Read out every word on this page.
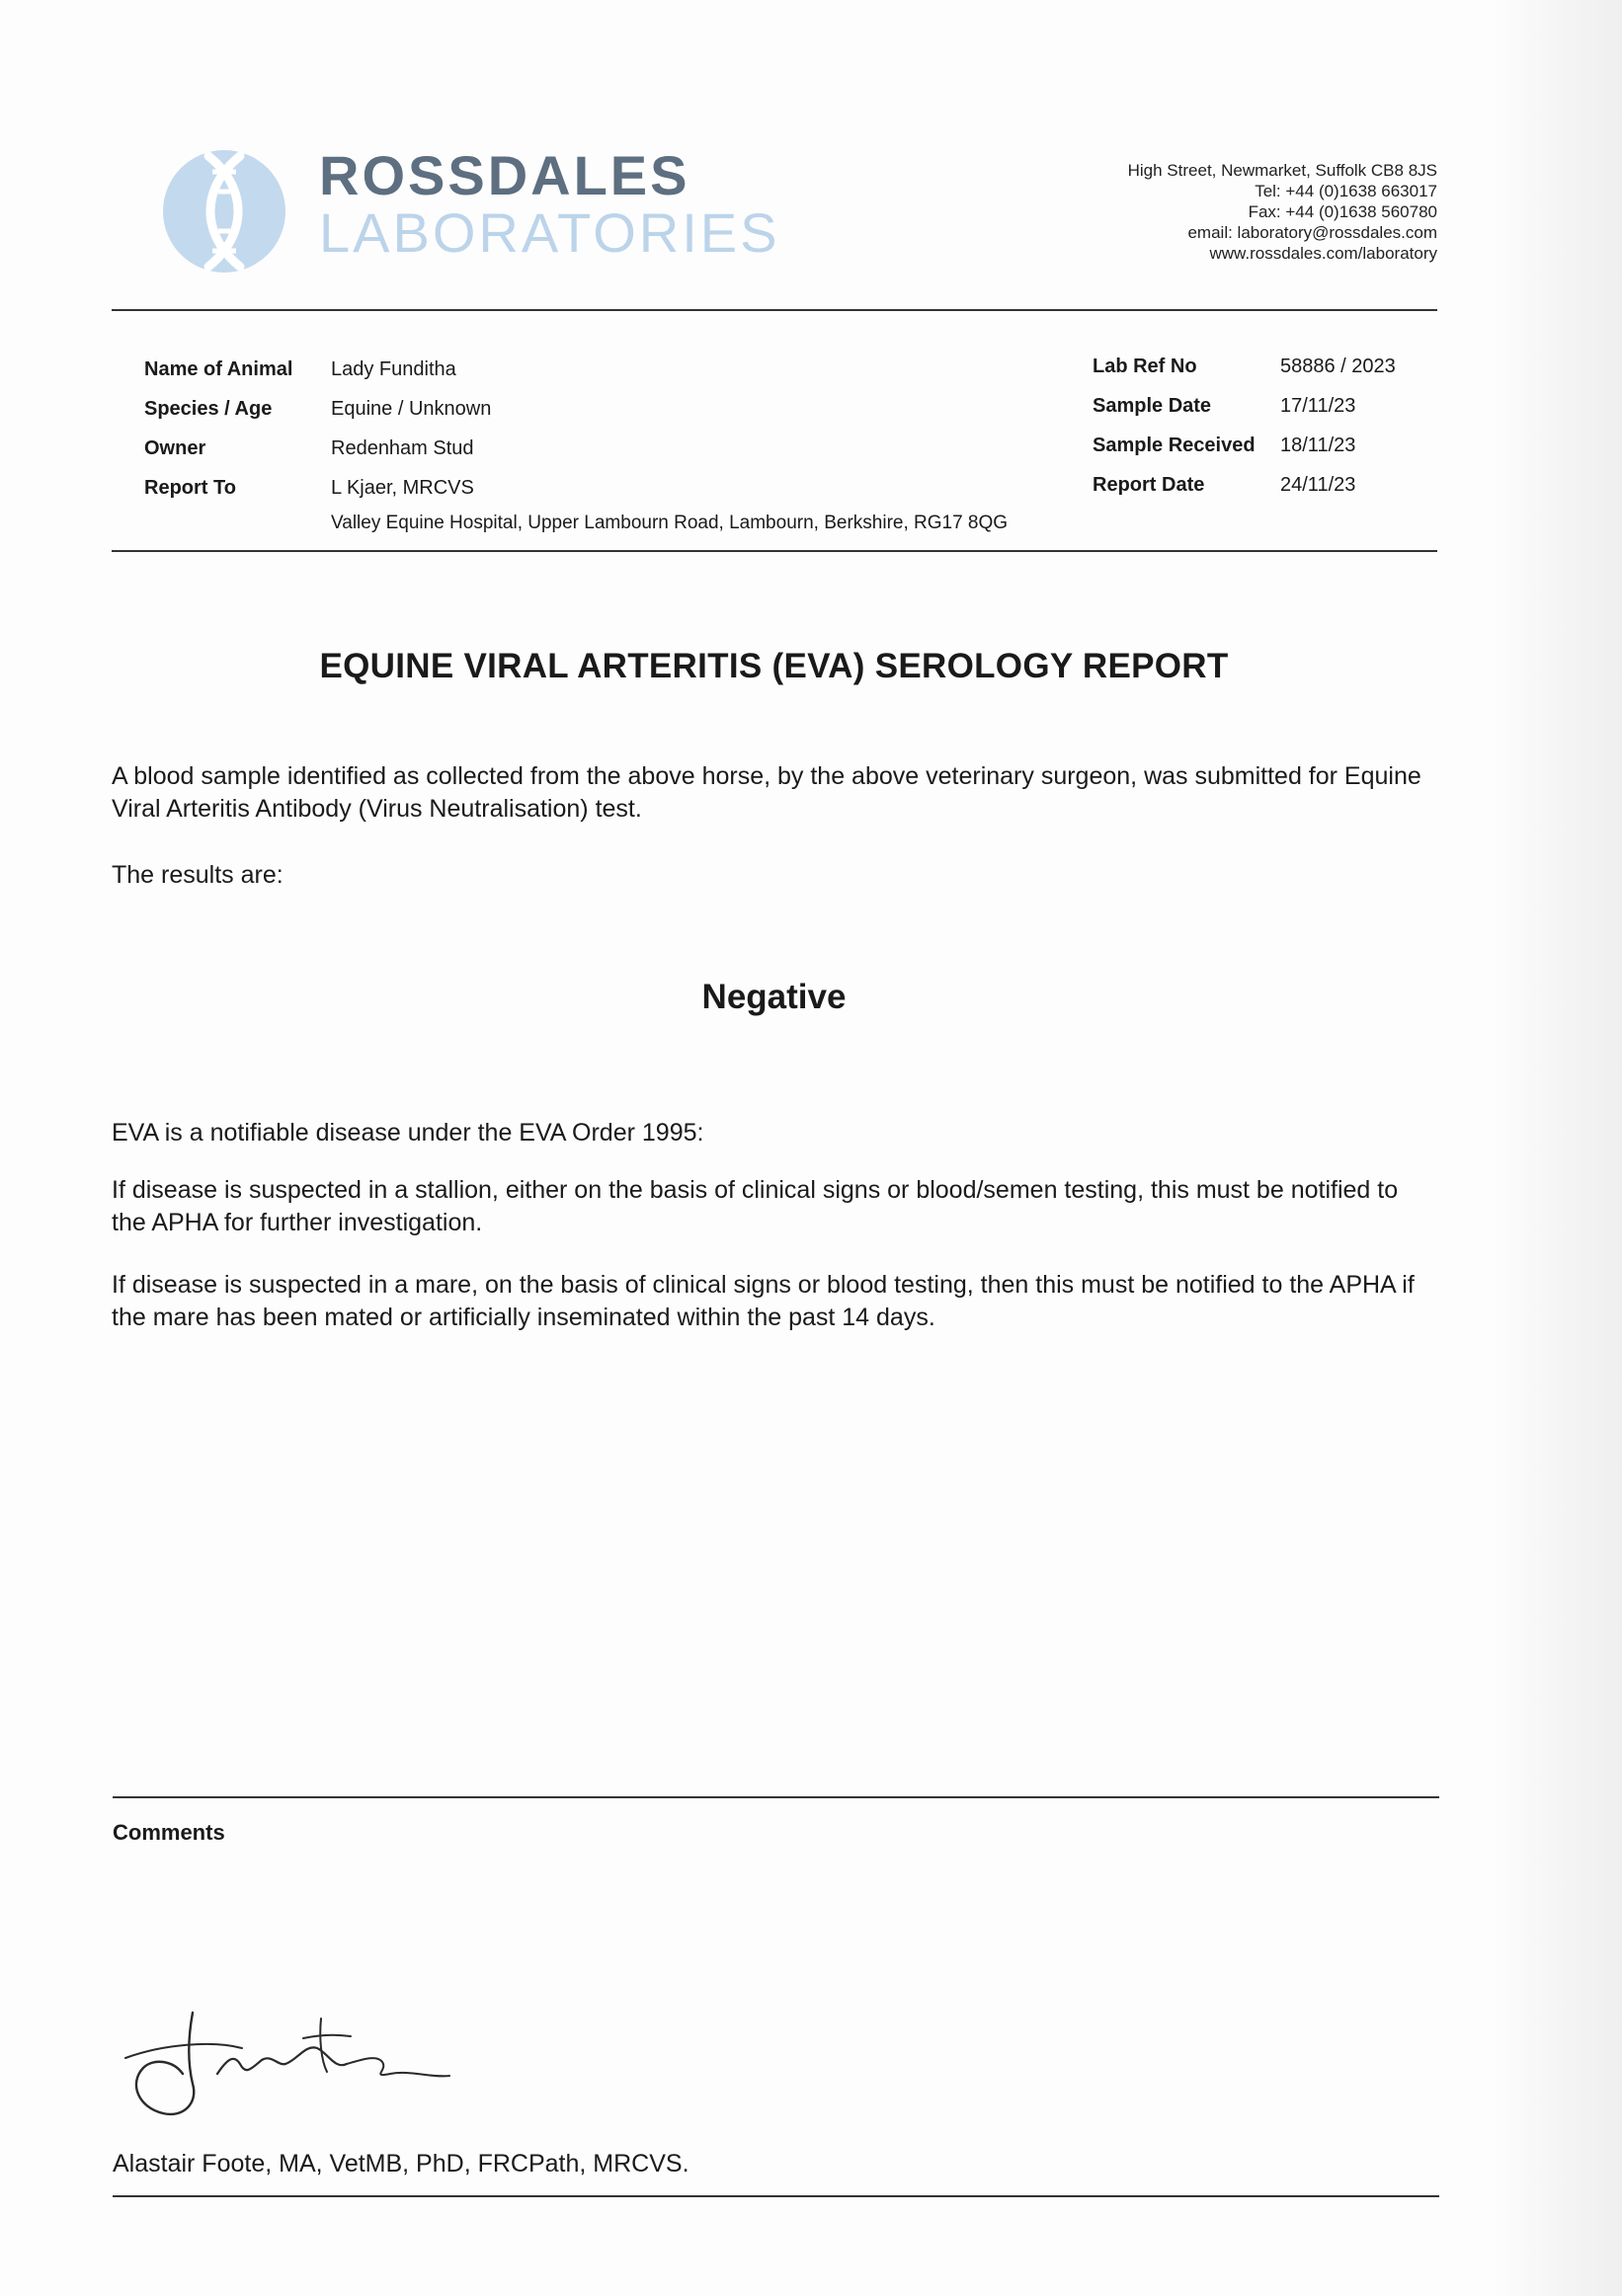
ROSSDALES
LABORATORIES
High Street, Newmarket, Suffolk CB8 8JS
Tel: +44 (0)1638 663017
Fax: +44 (0)1638 560780
email: laboratory@rossdales.com
www.rossdales.com/laboratory
Name of Animal Lady Funditha
Species / Age	Equine / Unknown
Owner	Redenham Stud
Report To	L Kjaer, MRCVS
Valley Equine Hospital, Upper Lambourn Road, Lambourn, Berkshire, RG17 8QG
Lab Ref No	58886 / 2023
Sample Date	17/11/23
Sample Received 18/11/23
Report Date	24/11/23
EQUINE VIRAL ARTERITIS (EVA) SEROLOGY REPORT
A blood sample identified as collected from the above horse, by the above veterinary surgeon, was submitted for Equine Viral Arteritis Antibody (Virus Neutralisation) test.
The results are:
Negative
EVA is a notifiable disease under the EVA Order 1995:
If disease is suspected in a stallion, either on the basis of clinical signs or blood/semen testing, this must be notified to the APHA for further investigation.
If disease is suspected in a mare, on the basis of clinical signs or blood testing, then this must be notified to the APHA if the mare has been mated or artificially inseminated within the past 14 days.
Comments
Alastair Foote, MA, VetMB, PhD, FRCPath, MRCVS.
